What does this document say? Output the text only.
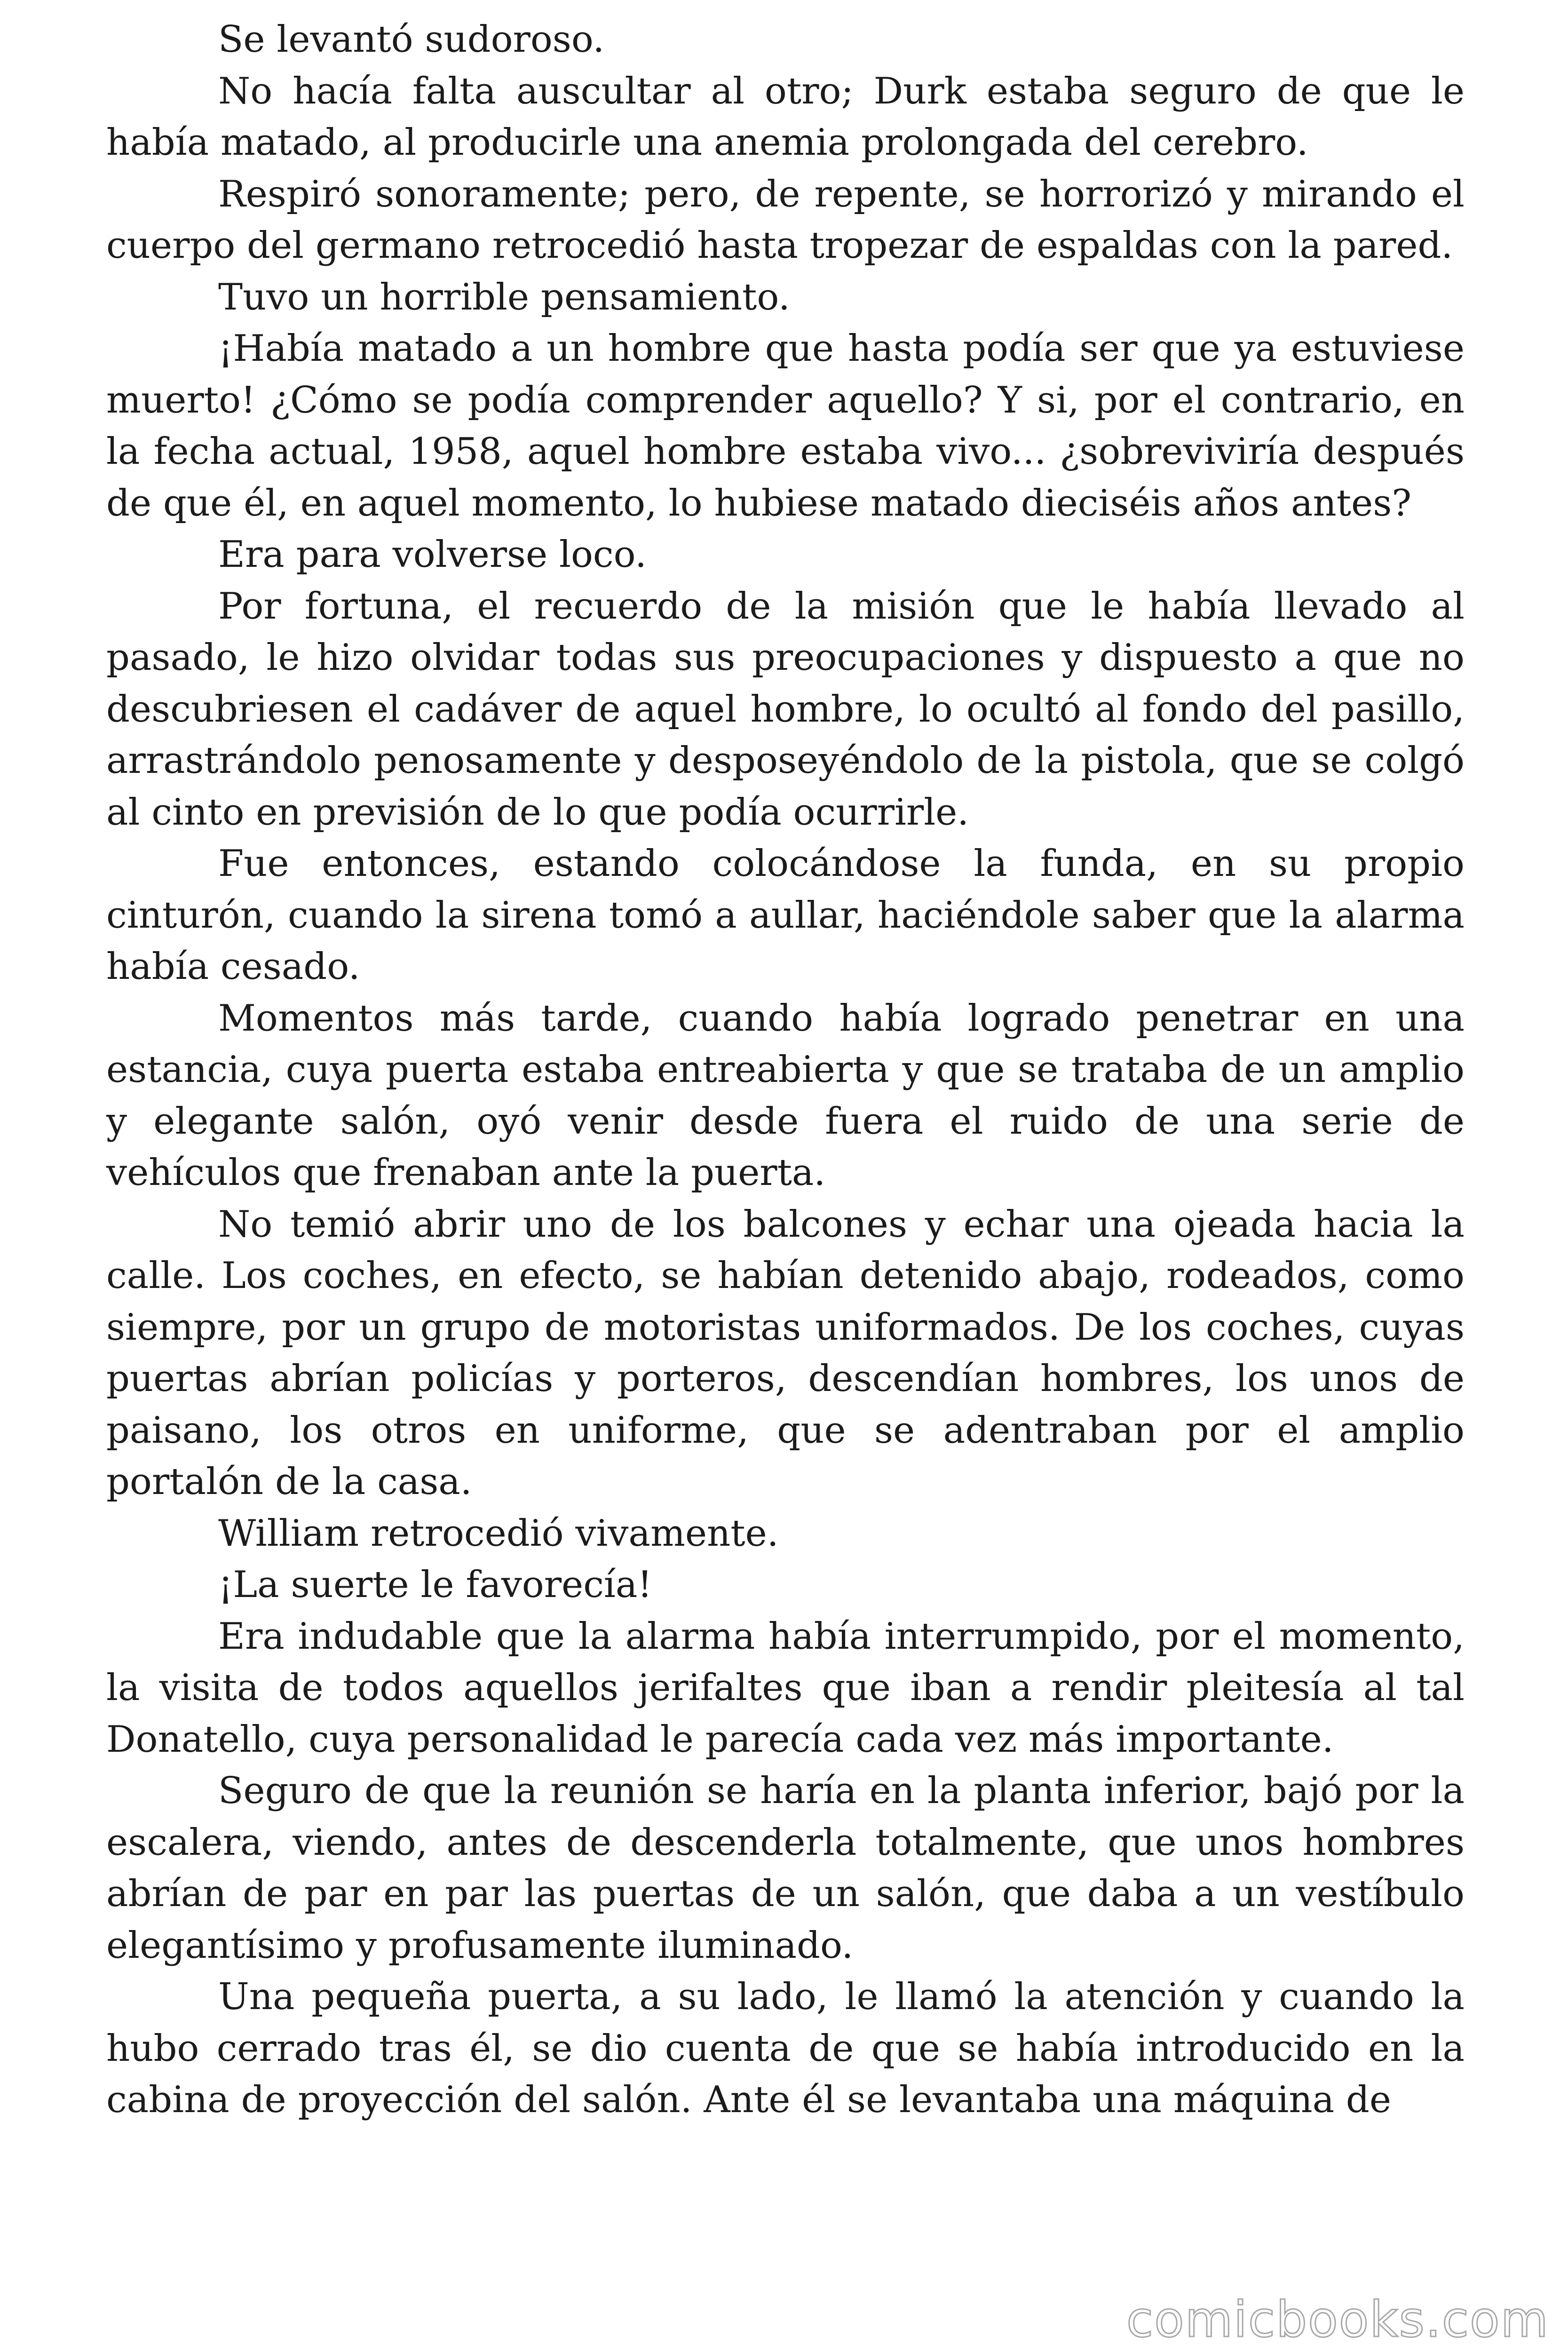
Se levantó sudoroso.

No hacía falta auscultar al otro; Durk estaba seguro de que le había matado, al producirle una anemia prolongada del cerebro.

Respiró sonoramente; pero, de repente, se horrorizó y mirando el cuerpo del germano retrocedió hasta tropezar de espaldas con la pared.

Tuvo un horrible pensamiento.

¡Había matado a un hombre que hasta podía ser que ya estuviese muerto! ¿Cómo se podía comprender aquello? Y si, por el contrario, en la fecha actual, 1958, aquel hombre estaba vivo... ¿sobreviviría después de que él, en aquel momento, lo hubiese matado dieciséis años antes?

Era para volverse loco.

Por fortuna, el recuerdo de la misión que le había llevado al pasado, le hizo olvidar todas sus preocupaciones y dispuesto a que no descubriesen el cadáver de aquel hombre, lo ocultó al fondo del pasillo, arrastrándolo penosamente y desposeyéndolo de la pistola, que se colgó al cinto en previsión de lo que podía ocurrirle.

Fue entonces, estando colocándose la funda, en su propio cinturón, cuando la sirena tomó a aullar, haciéndole saber que la alarma había cesado.

Momentos más tarde, cuando había logrado penetrar en una estancia, cuya puerta estaba entreabierta y que se trataba de un amplio y elegante salón, oyó venir desde fuera el ruido de una serie de vehículos que frenaban ante la puerta.

No temió abrir uno de los balcones y echar una ojeada hacia la calle. Los coches, en efecto, se habían detenido abajo, rodeados, como siempre, por un grupo de motoristas uniformados. De los coches, cuyas puertas abrían policías y porteros, descendían hombres, los unos de paisano, los otros en uniforme, que se adentraban por el amplio portalón de la casa.

William retrocedió vivamente.

¡La suerte le favorecía!

Era indudable que la alarma había interrumpido, por el momento, la visita de todos aquellos jerifaltes que iban a rendir pleitesía al tal Donatello, cuya personalidad le parecía cada vez más importante.

Seguro de que la reunión se haría en la planta inferior, bajó por la escalera, viendo, antes de descenderla totalmente, que unos hombres abrían de par en par las puertas de un salón, que daba a un vestíbulo elegantísimo y profusamente iluminado.

Una pequeña puerta, a su lado, le llamó la atención y cuando la hubo cerrado tras él, se dio cuenta de que se había introducido en la cabina de proyección del salón. Ante él se levantaba una máquina de

comicbooks.com
